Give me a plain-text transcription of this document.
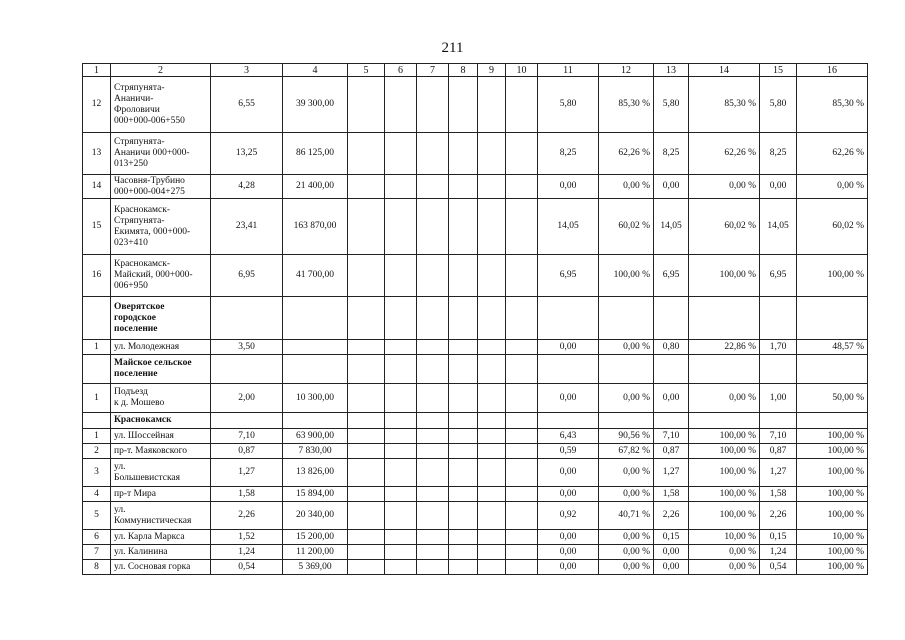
211
1	2	3	4	5	6	7	8	9	10	11	12	13	14	15	16
12	Стряпунята-
Ананичи-
Фроловичи
000+000-006+550	6,55	39 300,00							5,80	85,30 %	5,80	85,30 %	5,80	85,30 %
13	Стряпунята-
Ананичи 000+000-
013+250	13,25	86 125,00							8,25	62,26 %	8,25	62,26 %	8,25	62,26 %
14	Часовня-Трубино
000+000-004+275	4,28	21 400,00							0,00	0,00 %	0,00	0,00 %	0,00	0,00 %
15	Краснокамск-
Стряпунята-
Екимята, 000+000-
023+410	23,41	163 870,00							14,05	60,02 %	14,05	60,02 %	14,05	60,02 %
16	Краснокамск-
Майский, 000+000-
006+950	6,95	41 700,00							6,95	100,00 %	6,95	100,00 %	6,95	100,00 %
	Оверятское
городское
поселение														
1	ул. Молодежная	3,50								0,00	0,00 %	0,80	22,86 %	1,70	48,57 %
	Майское сельское
поселение														
1	Подъезд
к д. Мошево	2,00	10 300,00							0,00	0,00 %	0,00	0,00 %	1,00	50,00 %
	Краснокамск														
1	ул. Шоссейная	7,10	63 900,00							6,43	90,56 %	7,10	100,00 %	7,10	100,00 %
2	пр-т. Маяковского	0,87	7 830,00							0,59	67,82 %	0,87	100,00 %	0,87	100,00 %
3	ул.
Большевистская	1,27	13 826,00							0,00	0,00 %	1,27	100,00 %	1,27	100,00 %
4	пр-т Мира	1,58	15 894,00							0,00	0,00 %	1,58	100,00 %	1,58	100,00 %
5	ул.
Коммунистическая	2,26	20 340,00							0,92	40,71 %	2,26	100,00 %	2,26	100,00 %
6	ул. Карла Маркса	1,52	15 200,00							0,00	0,00 %	0,15	10,00 %	0,15	10,00 %
7	ул. Калинина	1,24	11 200,00							0,00	0,00 %	0,00	0,00 %	1,24	100,00 %
8	ул. Сосновая горка	0,54	5 369,00							0,00	0,00 %	0,00	0,00 %	0,54	100,00 %
